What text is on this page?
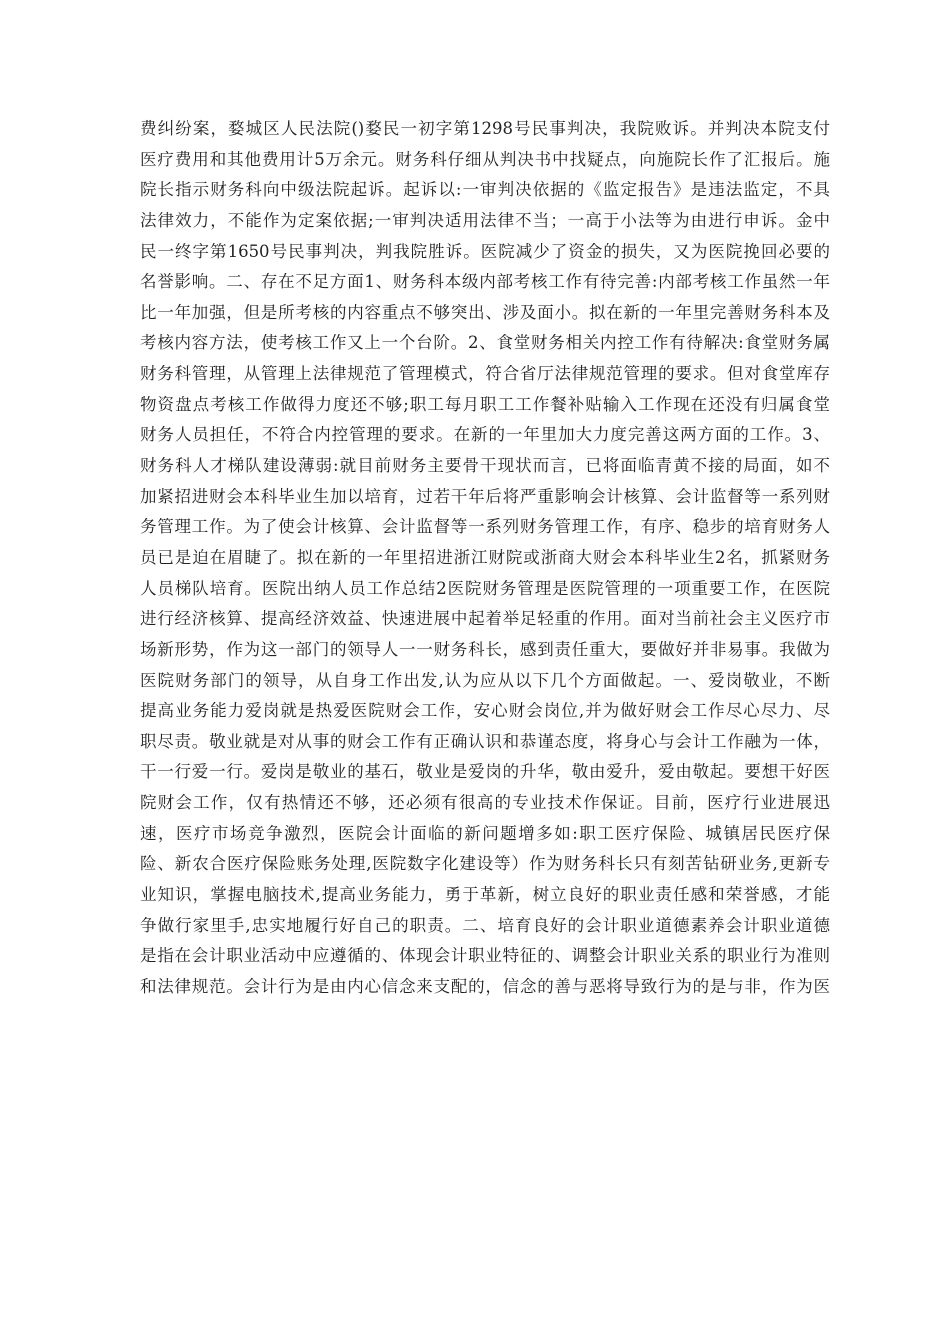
费纠纷案，婺城区人民法院()婺民一初字第1298号民事判决，我院败诉。并判决本院支付
医疗费用和其他费用计5万余元。财务科仔细从判决书中找疑点，向施院长作了汇报后。施
院长指示财务科向中级法院起诉。起诉以:一审判决依据的《监定报告》是违法监定，不具
法律效力，不能作为定案依据;一审判决适用法律不当；一高于小法等为由进行申诉。金中
民一终字第1650号民事判决，判我院胜诉。医院减少了资金的损失，又为医院挽回必要的
名誉影响。二、存在不足方面1、财务科本级内部考核工作有待完善:内部考核工作虽然一年
比一年加强，但是所考核的内容重点不够突出、涉及面小。拟在新的一年里完善财务科本及
考核内容方法，使考核工作又上一个台阶。2、食堂财务相关内控工作有待解决:食堂财务属
财务科管理，从管理上法律规范了管理模式，符合省厅法律规范管理的要求。但对食堂库存
物资盘点考核工作做得力度还不够;职工每月职工工作餐补贴输入工作现在还没有归属食堂
财务人员担任，不符合内控管理的要求。在新的一年里加大力度完善这两方面的工作。3、
财务科人才梯队建设薄弱:就目前财务主要骨干现状而言，已将面临青黄不接的局面，如不
加紧招进财会本科毕业生加以培育，过若干年后将严重影响会计核算、会计监督等一系列财
务管理工作。为了使会计核算、会计监督等一系列财务管理工作，有序、稳步的培育财务人
员已是迫在眉睫了。拟在新的一年里招进浙江财院或浙商大财会本科毕业生2名，抓紧财务
人员梯队培育。医院出纳人员工作总结2医院财务管理是医院管理的一项重要工作，在医院
进行经济核算、提高经济效益、快速进展中起着举足轻重的作用。面对当前社会主义医疗市
场新形势，作为这一部门的领导人一一财务科长，感到责任重大，要做好并非易事。我做为
医院财务部门的领导，从自身工作出发,认为应从以下几个方面做起。一、爱岗敬业，不断
提高业务能力爱岗就是热爱医院财会工作，安心财会岗位,并为做好财会工作尽心尽力、尽
职尽责。敬业就是对从事的财会工作有正确认识和恭谨态度，将身心与会计工作融为一体，
干一行爱一行。爱岗是敬业的基石，敬业是爱岗的升华，敬由爱升，爱由敬起。要想干好医
院财会工作，仅有热情还不够，还必须有很高的专业技术作保证。目前，医疗行业进展迅
速，医疗市场竞争激烈，医院会计面临的新问题增多如:职工医疗保险、城镇居民医疗保
险、新农合医疗保险账务处理,医院数字化建设等）作为财务科长只有刻苦钻研业务,更新专
业知识，掌握电脑技术,提高业务能力，勇于革新，树立良好的职业责任感和荣誉感，才能
争做行家里手,忠实地履行好自己的职责。二、培育良好的会计职业道德素养会计职业道德
是指在会计职业活动中应遵循的、体现会计职业特征的、调整会计职业关系的职业行为准则
和法律规范。会计行为是由内心信念来支配的，信念的善与恶将导致行为的是与非，作为医
